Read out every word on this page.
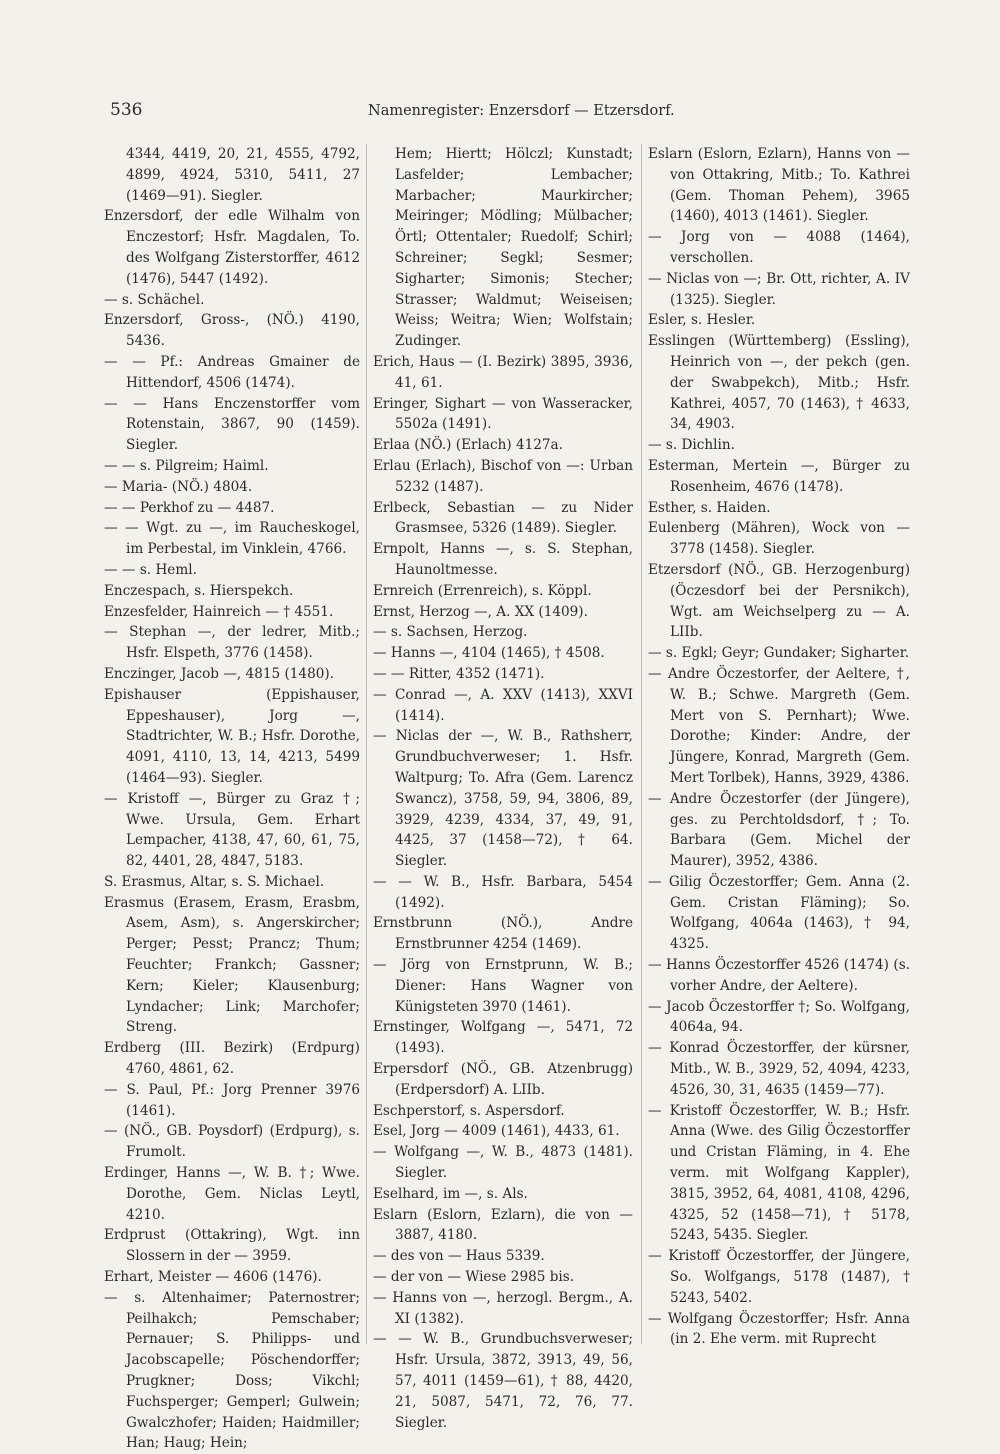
536	Namenregister: Enzersdorf — Etzersdorf.

4344, 4419, 20, 21, 4555, 4792, 4899, 4924, 5310, 5411, 27 (1469—91). Siegler.

Enzersdorf, der edle Wilhalm von Enczestorf; Hsfr. Magdalen, To. des Wolfgang Zisterstorffer, 4612 (1476), 5447 (1492).

— s. Schächel.

Enzersdorf, Gross-, (NÖ.) 4190, 5436.

— — Pf.: Andreas Gmainer de Hittendorf, 4506 (1474).

— — Hans Enczenstorffer vom Rotenstain, 3867, 90 (1459). Siegler.

— — s. Pilgreim; Haiml.

— Maria- (NÖ.) 4804.

— — Perkhof zu — 4487.

— — Wgt. zu —, im Raucheskogel, im Perbestal, im Vinklein, 4766.

— — s. Heml.

Enczespach, s. Hierspekch.

Enzesfelder, Hainreich — † 4551.

— Stephan —, der ledrer, Mitb.; Hsfr. Elspeth, 3776 (1458).

Enczinger, Jacob —, 4815 (1480).

Epishauser (Eppishauser, Eppeshauser), Jorg —, Stadtrichter, W. B.; Hsfr. Dorothe, 4091, 4110, 13, 14, 4213, 5499 (1464—93). Siegler.

— Kristoff —, Bürger zu Graz †; Wwe. Ursula, Gem. Erhart Lempacher, 4138, 47, 60, 61, 75, 82, 4401, 28, 4847, 5183.

S. Erasmus, Altar, s. S. Michael.

Erasmus (Erasem, Erasm, Erasbm, Asem, Asm), s. Angerskircher; Perger; Pesst; Prancz; Thum; Feuchter; Frankch; Gassner; Kern; Kieler; Klausenburg; Lyndacher; Link; Marchofer; Streng.

Erdberg (III. Bezirk) (Erdpurg) 4760, 4861, 62.

— S. Paul, Pf.: Jorg Prenner 3976 (1461).

— (NÖ., GB. Poysdorf) (Erdpurg), s. Frumolt.

Erdinger, Hanns —, W. B. †; Wwe. Dorothe, Gem. Niclas Leytl, 4210.

Erdprust (Ottakring), Wgt. inn Slossern in der — 3959.

Erhart, Meister — 4606 (1476).

— s. Altenhaimer; Paternostrer; Peilhakch; Pemschaber; Pernauer; S. Philipps- und Jacobscapelle; Pöschendorffer; Prugkner; Doss; Vikchl; Fuchsperger; Gemperl; Gulwein; Gwalczhofer; Haiden; Haidmiller; Han; Haug; Hein;

Hem; Hiertt; Hölczl; Kunstadt; Lasfelder; Lembacher; Marbacher; Maurkircher; Meiringer; Mödling; Mülbacher; Örtl; Ottentaler; Ruedolf; Schirl; Schreiner; Segkl; Sesmer; Sigharter; Simonis; Stecher; Strasser; Waldmut; Weiseisen; Weiss; Weitra; Wien; Wolfstain; Zudinger.

Erich, Haus — (I. Bezirk) 3895, 3936, 41, 61.

Eringer, Sighart — von Wasseracker, 5502a (1491).

Erlaa (NÖ.) (Erlach) 4127a.

Erlau (Erlach), Bischof von —: Urban 5232 (1487).

Erlbeck, Sebastian — zu Nider Grasmsee, 5326 (1489). Siegler.

Ernpolt, Hanns —, s. S. Stephan, Haunoltmesse.

Ernreich (Errenreich), s. Köppl.

Ernst, Herzog —, A. XX (1409).

— s. Sachsen, Herzog.

— Hanns —, 4104 (1465), † 4508.

— — Ritter, 4352 (1471).

— Conrad —, A. XXV (1413), XXVI (1414).

— Niclas der —, W. B., Rathsherr, Grundbuchverweser; 1. Hsfr. Waltpurg; To. Afra (Gem. Larencz Swancz), 3758, 59, 94, 3806, 89, 3929, 4239, 4334, 37, 49, 91, 4425, 37 (1458—72), † 64. Siegler.

— — W. B., Hsfr. Barbara, 5454 (1492).

Ernstbrunn (NÖ.), Andre Ernstbrunner 4254 (1469).

— Jörg von Ernstprunn, W. B.; Diener: Hans Wagner von Künigsteten 3970 (1461).

Ernstinger, Wolfgang —, 5471, 72 (1493).

Erpersdorf (NÖ., GB. Atzenbrugg) (Erdpersdorf) A. LIIb.

Eschperstorf, s. Aspersdorf.

Esel, Jorg — 4009 (1461), 4433, 61.

— Wolfgang —, W. B., 4873 (1481). Siegler.

Eselhard, im —, s. Als.

Eslarn (Eslorn, Ezlarn), die von — 3887, 4180.

— des von — Haus 5339.

— der von — Wiese 2985 bis.

— Hanns von —, herzogl. Bergm., A. XI (1382).

— — W. B., Grundbuchsverweser; Hsfr. Ursula, 3872, 3913, 49, 56, 57, 4011 (1459—61), † 88, 4420, 21, 5087, 5471, 72, 76, 77. Siegler.

Eslarn (Eslorn, Ezlarn), Hanns von — von Ottakring, Mitb.; To. Kathrei (Gem. Thoman Pehem), 3965 (1460), 4013 (1461). Siegler.

— Jorg von — 4088 (1464), verschollen.

— Niclas von —; Br. Ott, richter, A. IV (1325). Siegler.

Esler, s. Hesler.

Esslingen (Württemberg) (Essling), Heinrich von —, der pekch (gen. der Swabpekch), Mitb.; Hsfr. Kathrei, 4057, 70 (1463), † 4633, 34, 4903.

— s. Dichlin.

Esterman, Mertein —, Bürger zu Rosenheim, 4676 (1478).

Esther, s. Haiden.

Eulenberg (Mähren), Wock von — 3778 (1458). Siegler.

Etzersdorf (NÖ., GB. Herzogenburg) (Öczesdorf bei der Persnikch), Wgt. am Weichselperg zu — A. LIIb.

— s. Egkl; Geyr; Gundaker; Sigharter.

— Andre Öczestorfer, der Aeltere, †, W. B.; Schwe. Margreth (Gem. Mert von S. Pernhart); Wwe. Dorothe; Kinder: Andre, der Jüngere, Konrad, Margreth (Gem. Mert Torlbek), Hanns, 3929, 4386.

— Andre Öczestorfer (der Jüngere), ges. zu Perchtoldsdorf, †; To. Barbara (Gem. Michel der Maurer), 3952, 4386.

— Gilig Öczestorffer; Gem. Anna (2. Gem. Cristan Fläming); So. Wolfgang, 4064a (1463), † 94, 4325.

— Hanns Öczestorffer 4526 (1474) (s. vorher Andre, der Aeltere).

— Jacob Öczestorffer †; So. Wolfgang, 4064a, 94.

— Konrad Öczestorffer, der kürsner, Mitb., W. B., 3929, 52, 4094, 4233, 4526, 30, 31, 4635 (1459—77).

— Kristoff Öczestorffer, W. B.; Hsfr. Anna (Wwe. des Gilig Öczestorffer und Cristan Fläming, in 4. Ehe verm. mit Wolfgang Kappler), 3815, 3952, 64, 4081, 4108, 4296, 4325, 52 (1458—71), † 5178, 5243, 5435. Siegler.

— Kristoff Öczestorffer, der Jüngere, So. Wolfgangs, 5178 (1487), † 5243, 5402.

— Wolfgang Öczestorffer; Hsfr. Anna (in 2. Ehe verm. mit Ruprecht
